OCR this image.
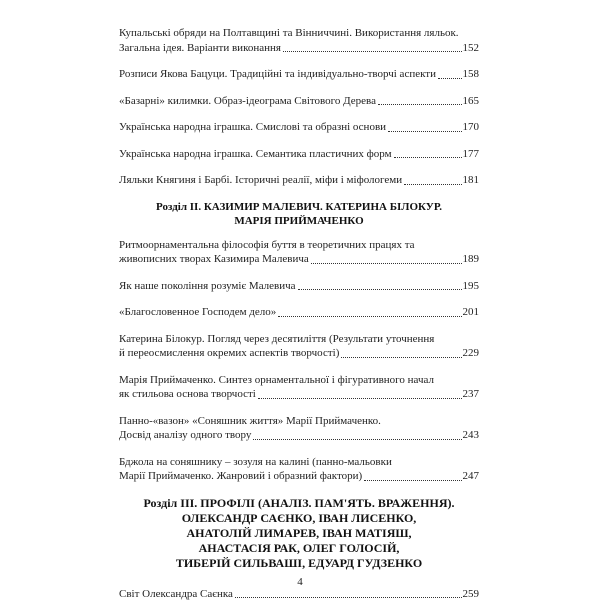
Купальські обряди на Полтавщині та Вінниччині. Використання ляльок.
Загальна ідея. Варіанти виконання	152
Розписи Якова Бацуци. Традиційні та індивідуально-творчі аспекти 158
«Базарні» килимки. Образ-ідеограма Світового Дерева	165
Українська народна іграшка. Смислові та образні основи	170
Українська народна іграшка. Семантика пластичних форм	177
Ляльки Княгиня і Барбі. Історичні реалії, міфи і міфологеми	181
Розділ ІІ. КАЗИМИР МАЛЕВИЧ. КАТЕРИНА БІЛОКУР.
МАРІЯ ПРИЙМАЧЕНКО
Ритмоорнаментальна філософія буття в теоретичних працях та
живописних творах Казимира Малевича	189
Як наше покоління розуміє Малевича	195
«Благословенное Господем дело»	201
Катерина Білокур. Погляд через десятиліття (Результати уточнення
й переосмислення окремих аспектів творчості)	229
Марія Приймаченко. Синтез орнаментальної і фігуративного начал
як стильова основа творчості	237
Панно-«вазон» «Соняшник життя» Марії Приймаченко.
Досвід аналізу одного твору	243
Бджола на соняшнику – зозуля на калині (панно-мальовки
Марії Приймаченко. Жанровий і образний фактори)	247
Розділ ІІІ. ПРОФІЛІ (АНАЛІЗ. ПАМ'ЯТЬ. ВРАЖЕННЯ).
ОЛЕКСАНДР САЄНКО, ІВАН ЛИСЕНКО,
АНАТОЛІЙ ЛИМАРЕВ, ІВАН МАТІЯШ,
АНАСТАСІЯ РАК, ОЛЕГ ГОЛОСІЙ,
ТИБЕРІЙ СИЛЬВАШІ, ЕДУАРД ГУДЗЕНКО
Світ Олександра Саєнка	259
4
